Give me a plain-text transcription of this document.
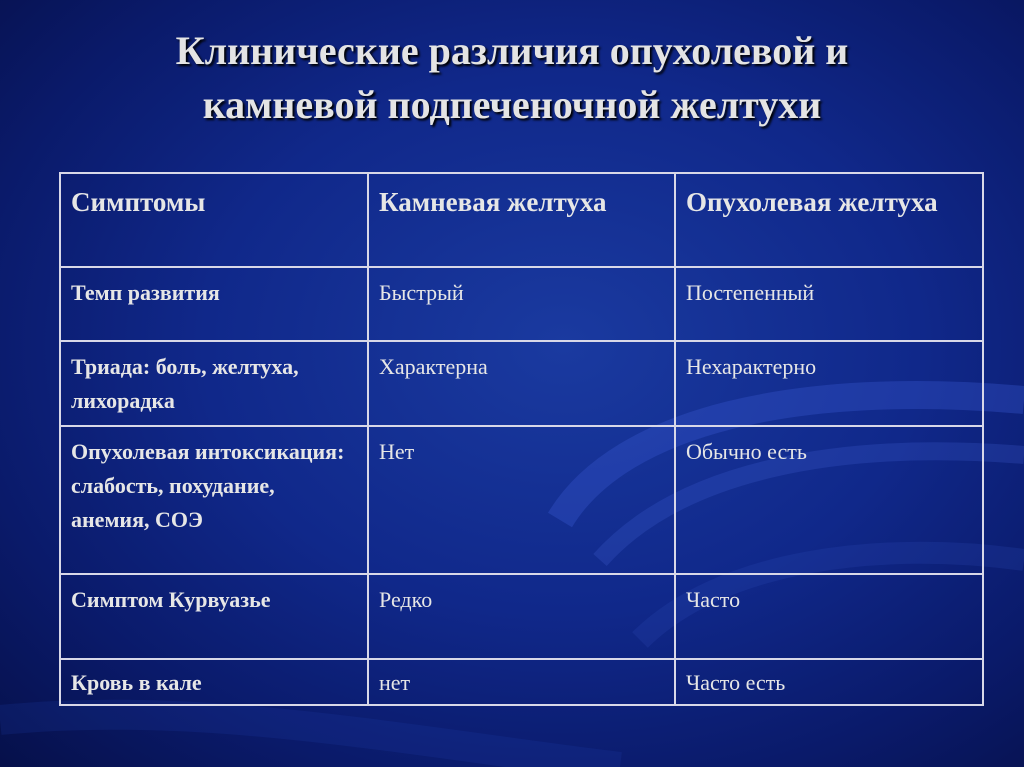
Клинические различия опухолевой и
камневой подпеченочной желтухи
Симптомы	Камневая желтуха	Опухолевая желтуха
Темп развития	Быстрый	Постепенный
Триада: боль, желтуха, лихорадка	Характерна	Нехарактерно
Опухолевая интоксикация: слабость, похудание, анемия, СОЭ	Нет	Обычно есть
Симптом Курвуазье	Редко	Часто
Кровь в кале	нет	Часто есть
